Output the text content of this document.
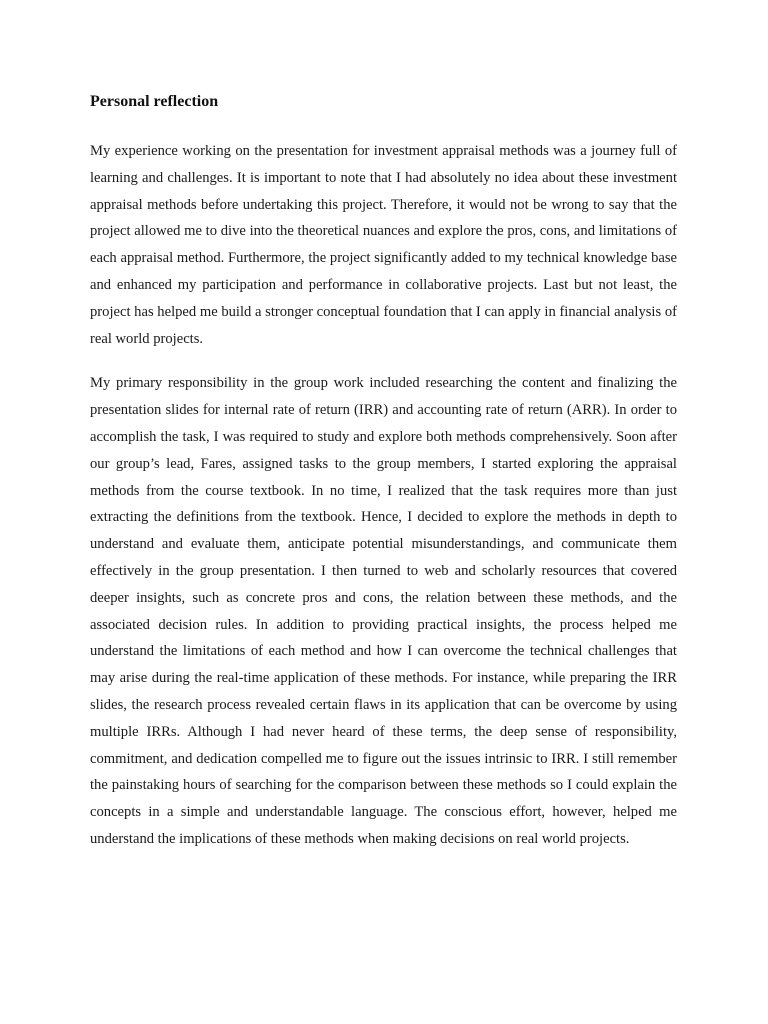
Personal reflection

My experience working on the presentation for investment appraisal methods was a journey full of learning and challenges. It is important to note that I had absolutely no idea about these investment appraisal methods before undertaking this project. Therefore, it would not be wrong to say that the project allowed me to dive into the theoretical nuances and explore the pros, cons, and limitations of each appraisal method. Furthermore, the project significantly added to my technical knowledge base and enhanced my participation and performance in collaborative projects. Last but not least, the project has helped me build a stronger conceptual foundation that I can apply in financial analysis of real world projects.

My primary responsibility in the group work included researching the content and finalizing the presentation slides for internal rate of return (IRR) and accounting rate of return (ARR). In order to accomplish the task, I was required to study and explore both methods comprehensively. Soon after our group’s lead, Fares, assigned tasks to the group members, I started exploring the appraisal methods from the course textbook. In no time, I realized that the task requires more than just extracting the definitions from the textbook. Hence, I decided to explore the methods in depth to understand and evaluate them, anticipate potential misunderstandings, and communicate them effectively in the group presentation. I then turned to web and scholarly resources that covered deeper insights, such as concrete pros and cons, the relation between these methods, and the associated decision rules. In addition to providing practical insights, the process helped me understand the limitations of each method and how I can overcome the technical challenges that may arise during the real-time application of these methods. For instance, while preparing the IRR slides, the research process revealed certain flaws in its application that can be overcome by using multiple IRRs. Although I had never heard of these terms, the deep sense of responsibility, commitment, and dedication compelled me to figure out the issues intrinsic to IRR. I still remember the painstaking hours of searching for the comparison between these methods so I could explain the concepts in a simple and understandable language. The conscious effort, however, helped me understand the implications of these methods when making decisions on real world projects.
